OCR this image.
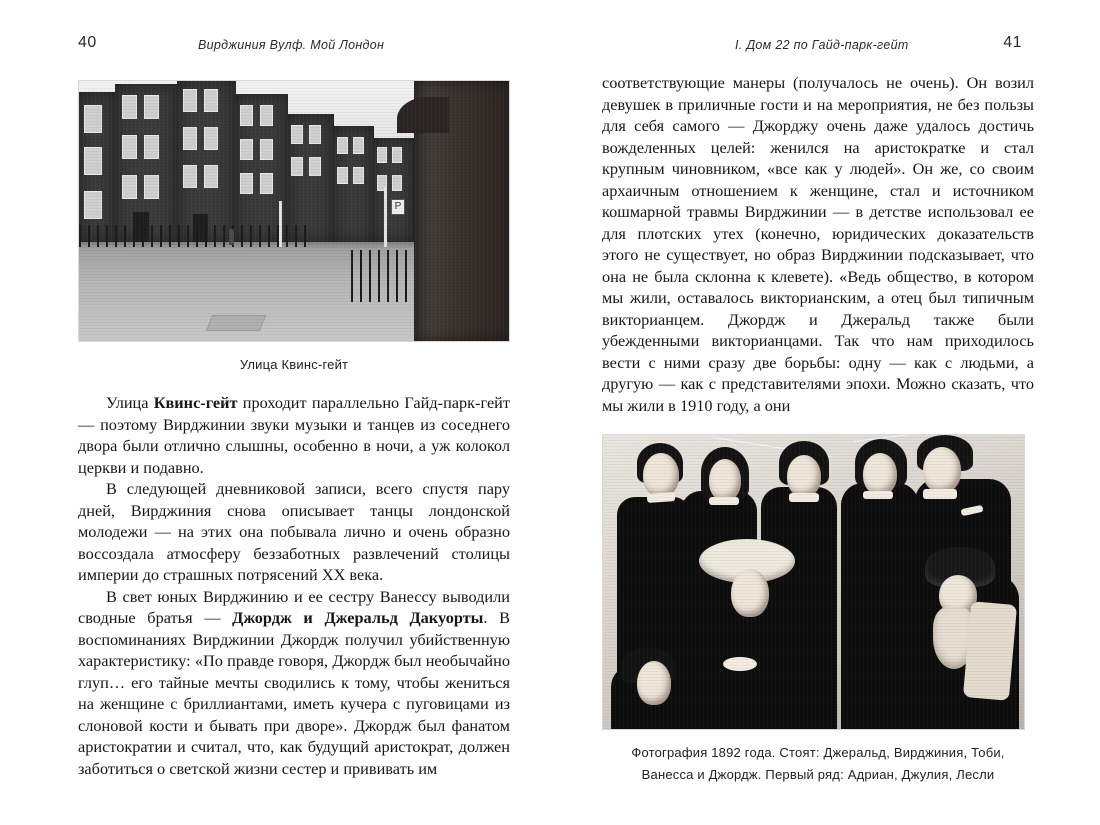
40	Вирджиния Вулф. Мой Лондон	I. Дом 22 по Гайд-парк-гейт	41
P
Улица Квинс-гейт

Улица Квинс-гейт проходит параллельно Гайд-парк-гейт — поэтому Вирджинии звуки музыки и танцев из соседнего двора были отлично слышны, особенно в ночи, а уж колокол церкви и подавно.

В следующей дневниковой записи, всего спустя пару дней, Вирджиния снова описывает танцы лондонской молодежи — на этих она побывала лично и очень образно воссоздала атмосферу беззаботных развлечений столицы империи до страшных потрясений XX века.

В свет юных Вирджинию и ее сестру Ванессу выводили сводные братья — Джордж и Джеральд Дакуорты. В воспоминаниях Вирджинии Джордж получил убийственную характеристику: «По правде говоря, Джордж был необычайно глуп… его тайные мечты сводились к тому, чтобы жениться на женщине с бриллиантами, иметь кучера с пуговицами из слоновой кости и бывать при дворе». Джордж был фанатом аристократии и считал, что, как будущий аристократ, должен заботиться о светской жизни сестер и прививать им

соответствующие манеры (получалось не очень). Он возил девушек в приличные гости и на мероприятия, не без пользы для себя самого — Джорджу очень даже удалось достичь вожделенных целей: женился на аристократке и стал крупным чиновником, «все как у людей». Он же, со своим архаичным отношением к женщине, стал и источником кошмарной травмы Вирджинии — в детстве использовал ее для плотских утех (конечно, юридических доказательств этого не существует, но образ Вирджинии подсказывает, что она не была склонна к клевете). «Ведь общество, в котором мы жили, оставалось викторианским, а отец был типичным викторианцем. Джордж и Джеральд также были убежденными викторианцами. Так что нам приходилось вести с ними сразу две борьбы: одну — как с людьми, а другую — как с представителями эпохи. Можно сказать, что мы жили в 1910 году, а они

Фотография 1892 года. Стоят: Джеральд, Вирджиния, Тоби,
Ванесса и Джордж. Первый ряд: Адриан, Джулия, Лесли
